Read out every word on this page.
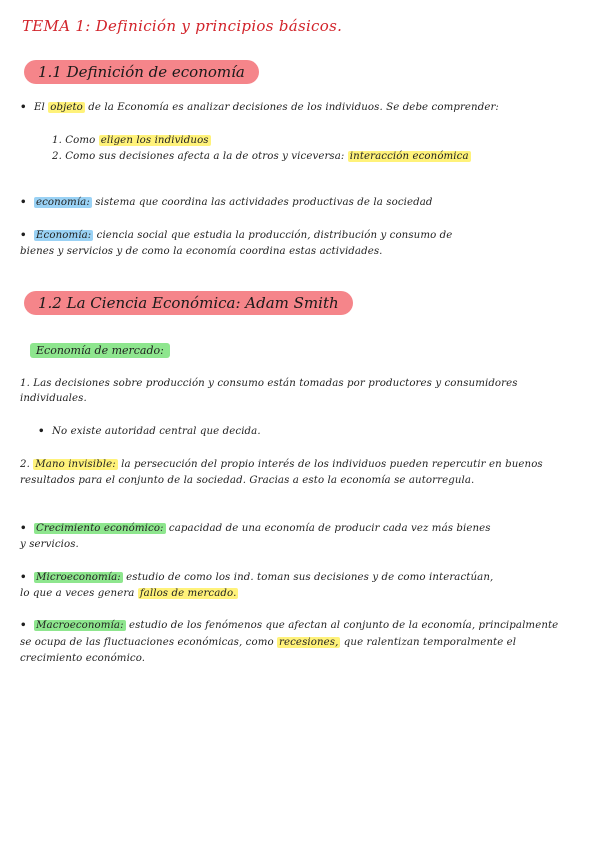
TEMA 1: Definición y principios básicos.
1.1 Definición de economía
• El objeto de la Economía es analizar decisiones de los individuos. Se debe comprender:
1. Como eligen los individuos
2. Como sus decisiones afecta a la de otros y viceversa: interacción económica
• economía: sistema que coordina las actividades productivas de la sociedad
• Economía: ciencia social que estudia la producción, distribución y consumo de
bienes y servicios y de como la economía coordina estas actividades.
1.2 La Ciencia Económica: Adam Smith
Economía de mercado:
1. Las decisiones sobre producción y consumo están tomadas por productores y consumidores
individuales.
• No existe autoridad central que decida.
2. Mano invisible: la persecución del propio interés de los individuos pueden repercutir en buenos
resultados para el conjunto de la sociedad. Gracias a esto la economía se autorregula.
• Crecimiento económico: capacidad de una economía de producir cada vez más bienes
y servicios.
• Microeconomía: estudio de como los ind. toman sus decisiones y de como interactúan,
lo que a veces genera fallos de mercado.
• Macroeconomía: estudio de los fenómenos que afectan al conjunto de la economía, principalmente
se ocupa de las fluctuaciones económicas, como recesiones, que ralentizan temporalmente el
crecimiento económico.
